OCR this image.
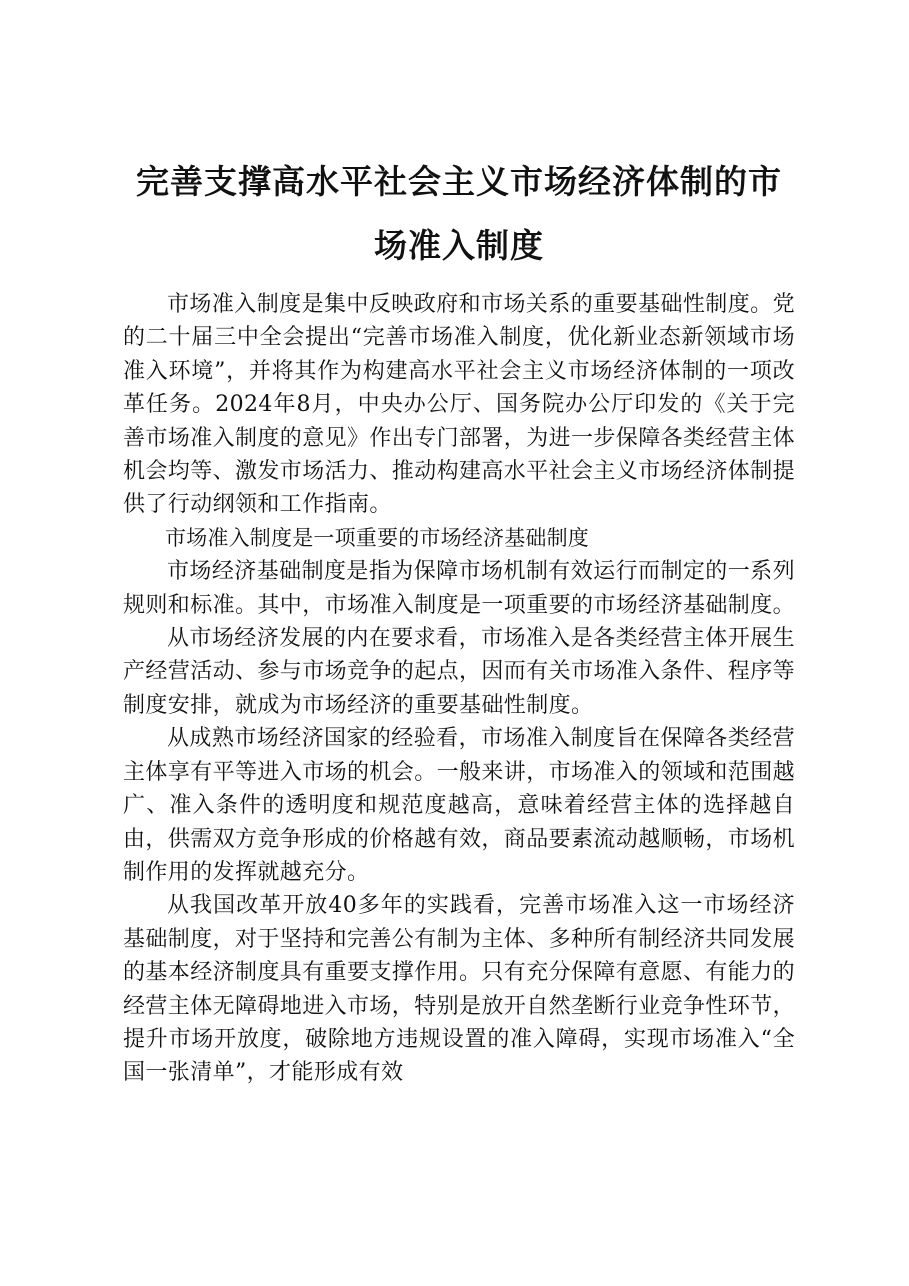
完善支撑高水平社会主义市场经济体制的市场准入制度

市场准入制度是集中反映政府和市场关系的重要基础性制度。党的二十届三中全会提出“完善市场准入制度，优化新业态新领域市场准入环境”，并将其作为构建高水平社会主义市场经济体制的一项改革任务。2024年8月，中央办公厅、国务院办公厅印发的《关于完善市场准入制度的意见》作出专门部署，为进一步保障各类经营主体机会均等、激发市场活力、推动构建高水平社会主义市场经济体制提供了行动纲领和工作指南。

市场准入制度是一项重要的市场经济基础制度

市场经济基础制度是指为保障市场机制有效运行而制定的一系列规则和标准。其中，市场准入制度是一项重要的市场经济基础制度。

从市场经济发展的内在要求看，市场准入是各类经营主体开展生产经营活动、参与市场竞争的起点，因而有关市场准入条件、程序等制度安排，就成为市场经济的重要基础性制度。

从成熟市场经济国家的经验看，市场准入制度旨在保障各类经营主体享有平等进入市场的机会。一般来讲，市场准入的领域和范围越广、准入条件的透明度和规范度越高，意味着经营主体的选择越自由，供需双方竞争形成的价格越有效，商品要素流动越顺畅，市场机制作用的发挥就越充分。

从我国改革开放40多年的实践看，完善市场准入这一市场经济基础制度，对于坚持和完善公有制为主体、多种所有制经济共同发展的基本经济制度具有重要支撑作用。只有充分保障有意愿、有能力的经营主体无障碍地进入市场，特别是放开自然垄断行业竞争性环节，提升市场开放度，破除地方违规设置的准入障碍，实现市场准入“全国一张清单”，才能形成有效
